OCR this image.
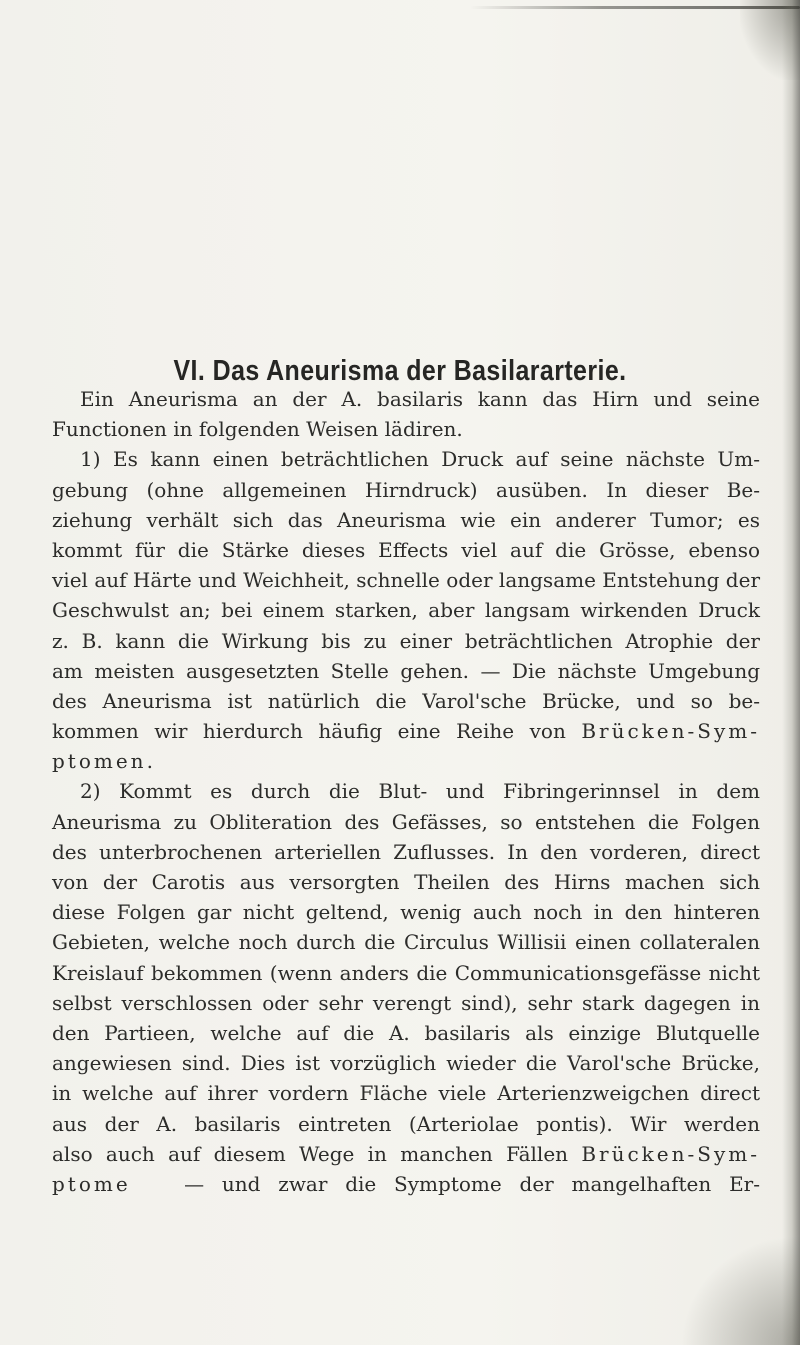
VI. Das Aneurisma der Basilararterie.
Ein Aneurisma an der A. basilaris kann das Hirn und seine
Functionen in folgenden Weisen lädiren.
1) Es kann einen beträchtlichen Druck auf seine nächste Um-
gebung (ohne allgemeinen Hirndruck) ausüben. In dieser Be-
ziehung verhält sich das Aneurisma wie ein anderer Tumor; es
kommt für die Stärke dieses Effects viel auf die Grösse, ebenso
viel auf Härte und Weichheit, schnelle oder langsame Entstehung der
Geschwulst an; bei einem starken, aber langsam wirkenden Druck
z. B. kann die Wirkung bis zu einer beträchtlichen Atrophie der
am meisten ausgesetzten Stelle gehen. — Die nächste Umgebung
des Aneurisma ist natürlich die Varol'sche Brücke, und so be-
kommen wir hierdurch häufig eine Reihe von Brücken-Sym-
ptomen.
2) Kommt es durch die Blut- und Fibringerinnsel in dem
Aneurisma zu Obliteration des Gefässes, so entstehen die Folgen
des unterbrochenen arteriellen Zuflusses. In den vorderen, direct
von der Carotis aus versorgten Theilen des Hirns machen sich
diese Folgen gar nicht geltend, wenig auch noch in den hinteren
Gebieten, welche noch durch die Circulus Willisii einen collateralen
Kreislauf bekommen (wenn anders die Communicationsgefässe nicht
selbst verschlossen oder sehr verengt sind), sehr stark dagegen in
den Partieen, welche auf die A. basilaris als einzige Blutquelle
angewiesen sind. Dies ist vorzüglich wieder die Varol'sche Brücke,
in welche auf ihrer vordern Fläche viele Arterienzweigchen direct
aus der A. basilaris eintreten (Arteriolae pontis). Wir werden
also auch auf diesem Wege in manchen Fällen Brücken-Sym-
ptome	— und zwar die Symptome der mangelhaften Er-
